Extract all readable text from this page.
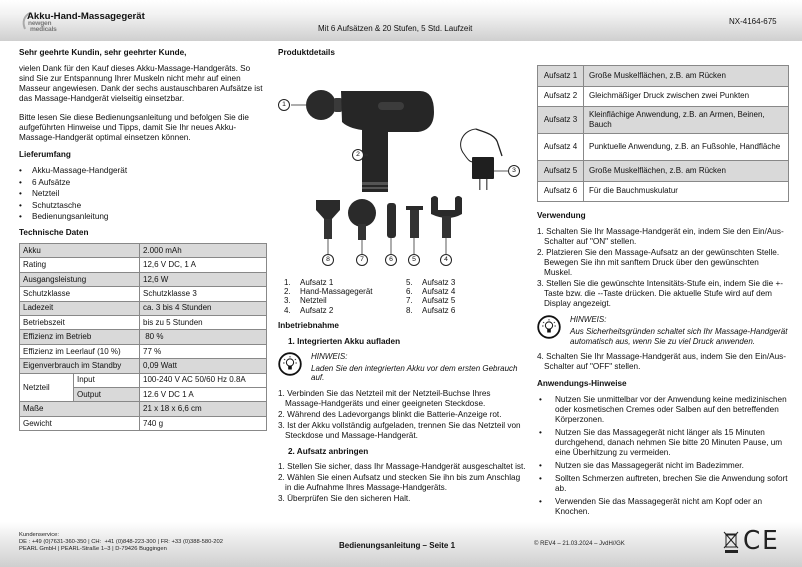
Akku-Hand-Massagegerät
newgen
medicals	Mit 6 Aufsätzen & 20 Stufen, 5 Std. Laufzeit
NX-4164-675
Sehr geehrte Kundin, sehr geehrter Kunde,

vielen Dank für den Kauf dieses Akku-Massage-Handgeräts. So sind Sie zur Entspannung Ihrer Muskeln nicht mehr auf einen Masseur angewiesen. Dank der sechs austauschbaren Aufsätze ist das Massage-Handgerät vielseitig einsetzbar.

Bitte lesen Sie diese Bedienungsanleitung und befolgen Sie die aufgeführten Hinweise und Tipps, damit Sie Ihr neues Akku-Massage-Handgerät optimal einsetzen können.

Lieferumfang
• Akku-Massage-Handgerät
• 6 Aufsätze
• Netzteil
• Schutztasche
• Bedienungsanleitung
Technische Daten
Akku		2.000 mAh
Rating		12,6 V DC, 1 A
Ausgangsleistung		12,6 W
Schutzklasse		Schutzklasse 3
Ladezeit		ca. 3 bis 4 Stunden
Betriebszeit		bis zu 5 Stunden
Effizienz im Betrieb		80 %
Effizienz im Leerlauf (10 %)		77 %
Eigenverbrauch im Standby		0,09 Watt
Netzteil	Input	100-240 V AC 50/60 Hz 0.8A
	Output	12.6 V DC 1 A
Maße		21 x 18 x 6,6 cm
Gewicht		740 g
Produktdetails
1
2
3
4
5
6
7
8
1.	Aufsatz 1	5.	Aufsatz 3
2.	Hand-Massagegerät	6.	Aufsatz 4
3.	Netzteil	7.	Aufsatz 5
4.	Aufsatz 2	8.	Aufsatz 6
Inbetriebnahme
1. Integrierten Akku aufladen
HINWEIS:
Laden Sie den integrierten Akku vor dem ersten Gebrauch auf.
1. Verbinden Sie das Netzteil mit der Netzteil-Buchse Ihres Massage-Handgeräts und einer geeigneten Steckdose.
2. Während des Ladevorgangs blinkt die Batterie-Anzeige rot.
3. Ist der Akku vollständig aufgeladen, trennen Sie das Netzteil von Steckdose und Massage-Handgerät.
2. Aufsatz anbringen
1. Stellen Sie sicher, dass Ihr Massage-Handgerät ausgeschaltet ist.
2. Wählen Sie einen Aufsatz und stecken Sie ihn bis zum Anschlag in die Aufnahme Ihres Massage-Handgeräts.
3. Überprüfen Sie den sicheren Halt.
Aufsatz 1	Große Muskelflächen, z.B. am Rücken
Aufsatz 2	Gleichmäßiger Druck zwischen zwei Punkten
Aufsatz 3	Kleinflächige Anwendung, z.B. an Armen, Beinen, Bauch
Aufsatz 4	Punktuelle Anwendung, z.B. an Fußsohle, Handfläche
Aufsatz 5	Große Muskelflächen, z.B. am Rücken
Aufsatz 6	Für die Bauchmuskulatur
Verwendung
1. Schalten Sie Ihr Massage-Handgerät ein, indem Sie den Ein/Aus-Schalter auf "ON" stellen.
2. Platzieren Sie den Massage-Aufsatz an der gewünschten Stelle. Bewegen Sie ihn mit sanftem Druck über den gewünschten Muskel.
3. Stellen Sie die gewünschte Intensitäts-Stufe ein, indem Sie die +-Taste bzw. die --Taste drücken. Die aktuelle Stufe wird auf dem Display angezeigt.
HINWEIS:
Aus Sicherheitsgründen schaltet sich Ihr Massage-Handgerät automatisch aus, wenn Sie zu viel Druck anwenden.
4. Schalten Sie Ihr Massage-Handgerät aus, indem Sie den Ein/Aus-Schalter auf "OFF" stellen.
Anwendungs-Hinweise
• Nutzen Sie unmittelbar vor der Anwendung keine medizinischen oder kosmetischen Cremes oder Salben auf den betreffenden Körperzonen.
• Nutzen Sie das Massagegerät nicht länger als 15 Minuten durchgehend, danach nehmen Sie bitte 20 Minuten Pause, um eine Überhitzung zu vermeiden.
• Nutzen sie das Massagegerät nicht im Badezimmer.
• Sollten Schmerzen auftreten, brechen Sie die Anwendung sofort ab.
• Verwenden Sie das Massagegerät nicht am Kopf oder an Knochen.
Kundenservice:
DE : +49 (0)7631-360-350 | CH:  +41 (0)848-223-300 | FR: +33 (0)388-580-202
PEARL GmbH | PEARL-Straße 1–3 | D-79426 Buggingen	Bedienungsanleitung – Seite 1	© REV4 – 21.03.2024 – JvdH//GK	CE
